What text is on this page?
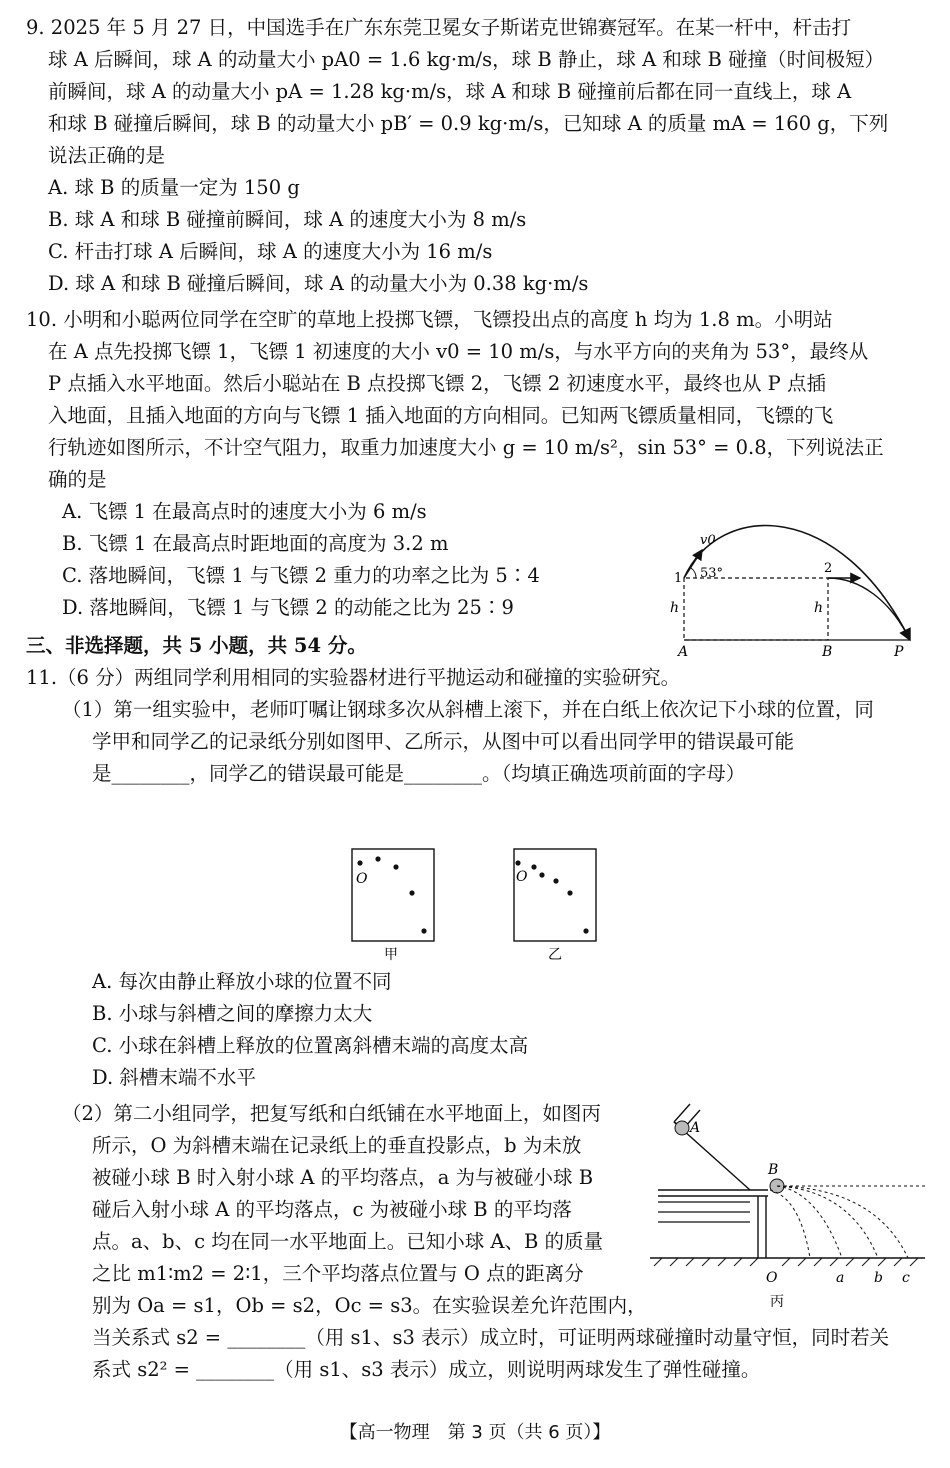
9. 2025 年 5 月 27 日，中国选手在广东东莞卫冕女子斯诺克世锦赛冠军。在某一杆中，杆击打
球 A 后瞬间，球 A 的动量大小 pA0 = 1.6 kg·m/s，球 B 静止，球 A 和球 B 碰撞（时间极短）
前瞬间，球 A 的动量大小 pA = 1.28 kg·m/s，球 A 和球 B 碰撞前后都在同一直线上，球 A
和球 B 碰撞后瞬间，球 B 的动量大小 pB′ = 0.9 kg·m/s，已知球 A 的质量 mA = 160 g，下列
说法正确的是
A. 球 B 的质量一定为 150 g
B. 球 A 和球 B 碰撞前瞬间，球 A 的速度大小为 8 m/s
C. 杆击打球 A 后瞬间，球 A 的速度大小为 16 m/s
D. 球 A 和球 B 碰撞后瞬间，球 A 的动量大小为 0.38 kg·m/s
10. 小明和小聪两位同学在空旷的草地上投掷飞镖，飞镖投出点的高度 h 均为 1.8 m。小明站
在 A 点先投掷飞镖 1，飞镖 1 初速度的大小 v0 = 10 m/s，与水平方向的夹角为 53°，最终从
P 点插入水平地面。然后小聪站在 B 点投掷飞镖 2，飞镖 2 初速度水平，最终也从 P 点插
入地面，且插入地面的方向与飞镖 1 插入地面的方向相同。已知两飞镖质量相同，飞镖的飞
行轨迹如图所示，不计空气阻力，取重力加速度大小 g = 10 m/s²，sin 53° = 0.8，下列说法正
确的是
A. 飞镖 1 在最高点时的速度大小为 6 m/s
B. 飞镖 1 在最高点时距地面的高度为 3.2 m
C. 落地瞬间，飞镖 1 与飞镖 2 重力的功率之比为 5∶4
D. 落地瞬间，飞镖 1 与飞镖 2 的动能之比为 25∶9
v0
53°
1
2
h	h
A	B	P
三、非选择题，共 5 小题，共 54 分。
11.（6 分）两组同学利用相同的实验器材进行平抛运动和碰撞的实验研究。
（1）第一组实验中，老师叮嘱让钢球多次从斜槽上滚下，并在白纸上依次记下小球的位置，同
学甲和同学乙的记录纸分别如图甲、乙所示，从图中可以看出同学甲的错误最可能
是________，同学乙的错误最可能是________。（均填正确选项前面的字母）
O
甲
O
乙
A. 每次由静止释放小球的位置不同
B. 小球与斜槽之间的摩擦力太大
C. 小球在斜槽上释放的位置离斜槽末端的高度太高
D. 斜槽末端不水平
（2）第二小组同学，把复写纸和白纸铺在水平地面上，如图丙
所示，O 为斜槽末端在记录纸上的垂直投影点，b 为未放
被碰小球 B 时入射小球 A 的平均落点，a 为与被碰小球 B
碰后入射小球 A 的平均落点，c 为被碰小球 B 的平均落
点。a、b、c 均在同一水平地面上。已知小球 A、B 的质量
之比 m1∶m2 = 2∶1，三个平均落点位置与 O 点的距离分
别为 Oa = s1，Ob = s2，Oc = s3。在实验误差允许范围内，
当关系式 s2 = ________（用 s1、s3 表示）成立时，可证明两球碰撞时动量守恒，同时若关
系式 s2² = ________（用 s1、s3 表示）成立，则说明两球发生了弹性碰撞。
A
B
O	a b c
丙
【高一物理　第 3 页（共 6 页）】
